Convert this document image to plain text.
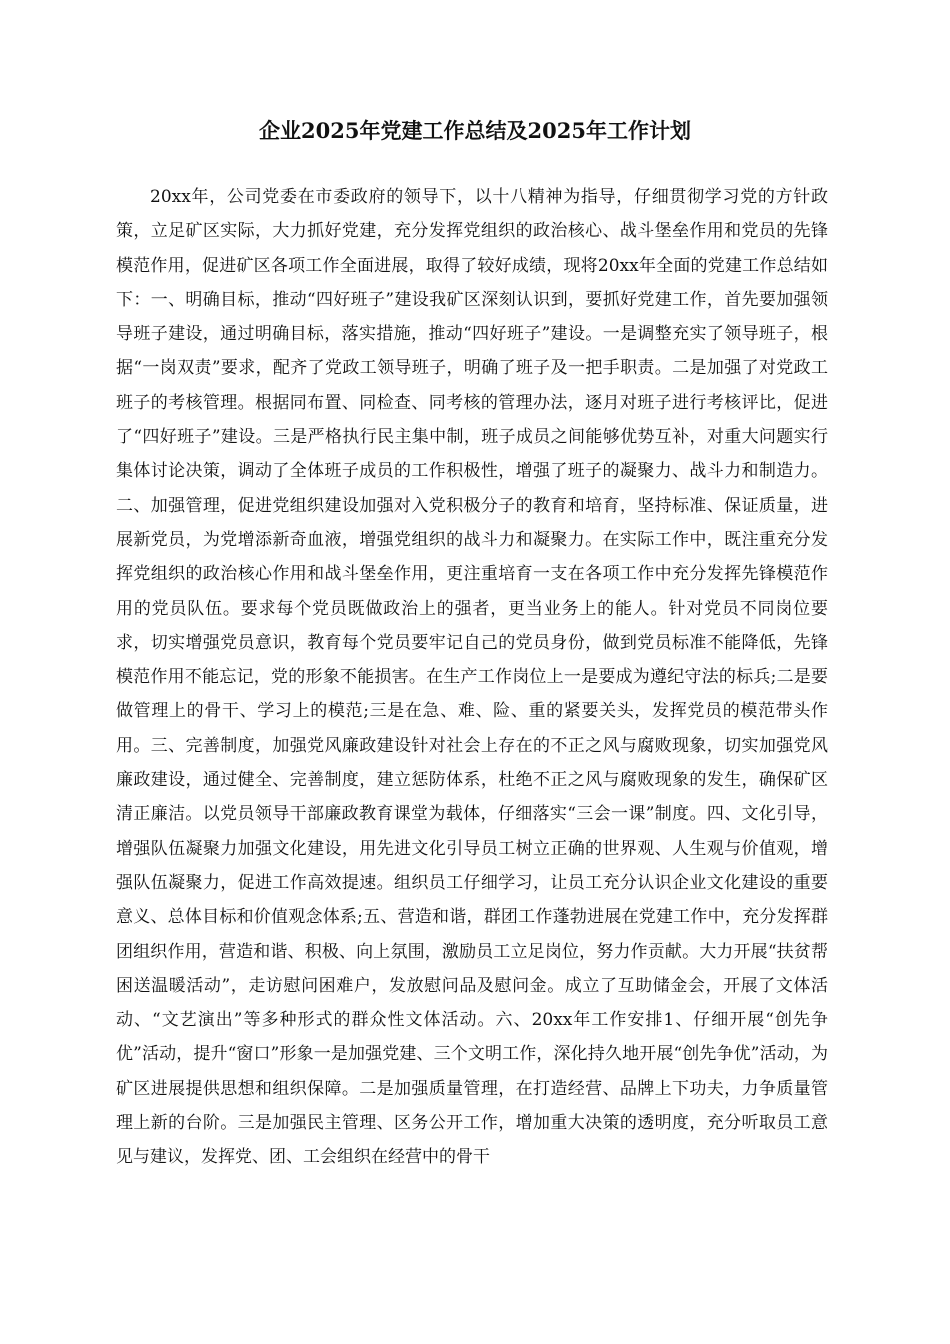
企业2025年党建工作总结及2025年工作计划

20xx年，公司党委在市委政府的领导下，以十八精神为指导，仔细贯彻学习党的方针政策，立足矿区实际，大力抓好党建，充分发挥党组织的政治核心、战斗堡垒作用和党员的先锋模范作用，促进矿区各项工作全面进展，取得了较好成绩，现将20xx年全面的党建工作总结如下：一、明确目标，推动“四好班子”建设我矿区深刻认识到，要抓好党建工作，首先要加强领导班子建设，通过明确目标，落实措施，推动“四好班子”建设。一是调整充实了领导班子，根据“一岗双责”要求，配齐了党政工领导班子，明确了班子及一把手职责。二是加强了对党政工班子的考核管理。根据同布置、同检查、同考核的管理办法，逐月对班子进行考核评比，促进了“四好班子”建设。三是严格执行民主集中制，班子成员之间能够优势互补，对重大问题实行集体讨论决策，调动了全体班子成员的工作积极性，增强了班子的凝聚力、战斗力和制造力。二、加强管理，促进党组织建设加强对入党积极分子的教育和培育，坚持标准、保证质量，进展新党员，为党增添新奇血液，增强党组织的战斗力和凝聚力。在实际工作中，既注重充分发挥党组织的政治核心作用和战斗堡垒作用，更注重培育一支在各项工作中充分发挥先锋模范作用的党员队伍。要求每个党员既做政治上的强者，更当业务上的能人。针对党员不同岗位要求，切实增强党员意识，教育每个党员要牢记自己的党员身份，做到党员标准不能降低，先锋模范作用不能忘记，党的形象不能损害。在生产工作岗位上一是要成为遵纪守法的标兵;二是要做管理上的骨干、学习上的模范;三是在急、难、险、重的紧要关头，发挥党员的模范带头作用。三、完善制度，加强党风廉政建设针对社会上存在的不正之风与腐败现象，切实加强党风廉政建设，通过健全、完善制度，建立惩防体系，杜绝不正之风与腐败现象的发生，确保矿区清正廉洁。以党员领导干部廉政教育课堂为载体，仔细落实“三会一课”制度。四、文化引导，增强队伍凝聚力加强文化建设，用先进文化引导员工树立正确的世界观、人生观与价值观，增强队伍凝聚力，促进工作高效提速。组织员工仔细学习，让员工充分认识企业文化建设的重要意义、总体目标和价值观念体系;五、营造和谐，群团工作蓬勃进展在党建工作中，充分发挥群团组织作用，营造和谐、积极、向上氛围，激励员工立足岗位，努力作贡献。大力开展“扶贫帮困送温暖活动”，走访慰问困难户，发放慰问品及慰问金。成立了互助储金会，开展了文体活动、“文艺演出”等多种形式的群众性文体活动。六、20xx年工作安排1、仔细开展“创先争优”活动，提升“窗口”形象一是加强党建、三个文明工作，深化持久地开展“创先争优”活动，为矿区进展提供思想和组织保障。二是加强质量管理，在打造经营、品牌上下功夫，力争质量管理上新的台阶。三是加强民主管理、区务公开工作，增加重大决策的透明度，充分听取员工意见与建议，发挥党、团、工会组织在经营中的骨干
